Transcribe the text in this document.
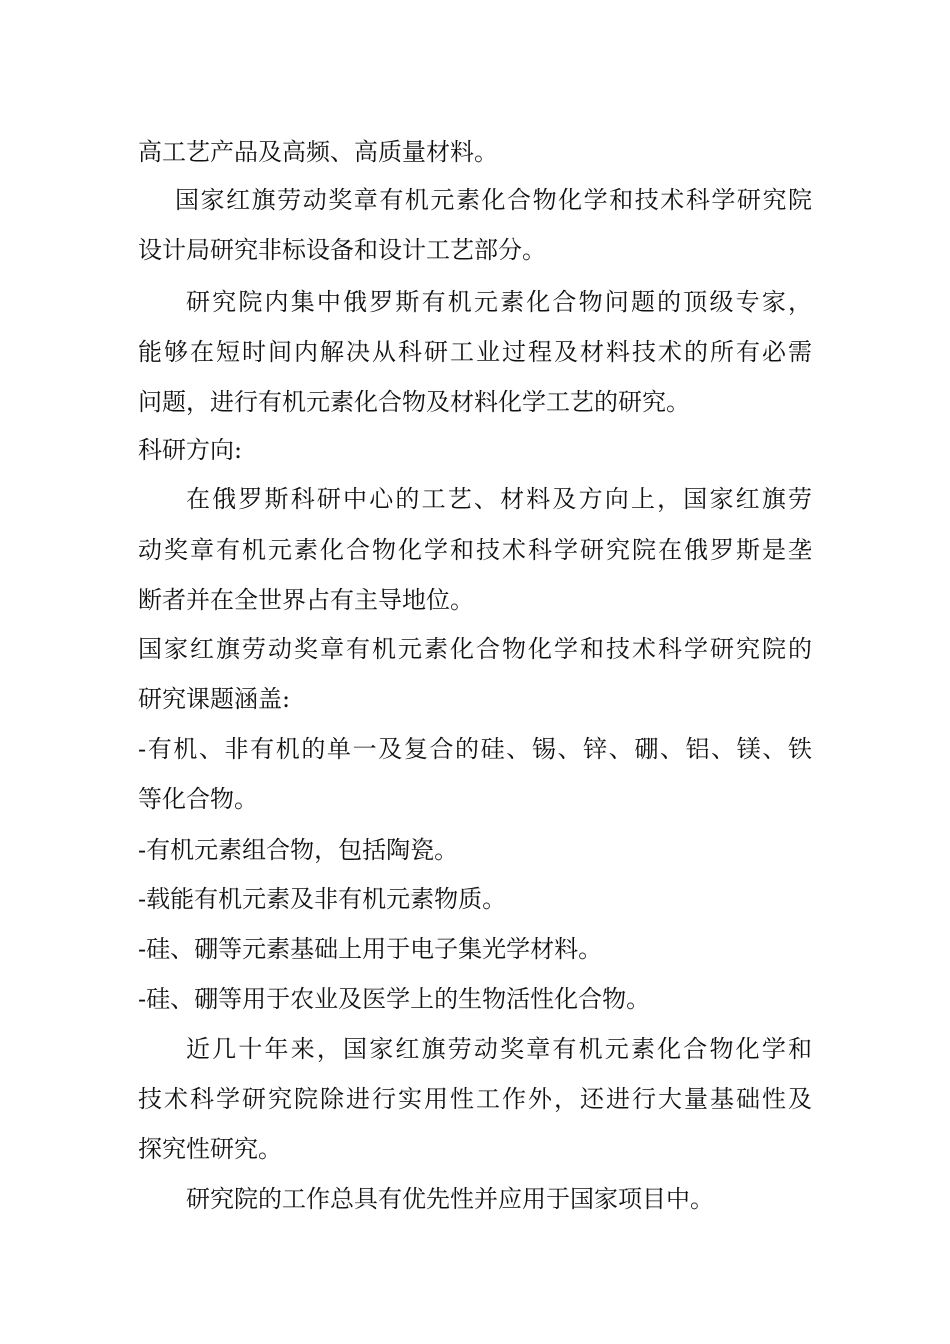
高工艺产品及高频、高质量材料。
国家红旗劳动奖章有机元素化合物化学和技术科学研究院
设计局研究非标设备和设计工艺部分。
研究院内集中俄罗斯有机元素化合物问题的顶级专家，
能够在短时间内解决从科研工业过程及材料技术的所有必需
问题，进行有机元素化合物及材料化学工艺的研究。
科研方向:
在俄罗斯科研中心的工艺、材料及方向上，国家红旗劳
动奖章有机元素化合物化学和技术科学研究院在俄罗斯是垄
断者并在全世界占有主导地位。
国家红旗劳动奖章有机元素化合物化学和技术科学研究院的
研究课题涵盖:
-有机、非有机的单一及复合的硅、锡、锌、硼、铝、镁、铁
等化合物。
-有机元素组合物，包括陶瓷。
-载能有机元素及非有机元素物质。
-硅、硼等元素基础上用于电子集光学材料。
-硅、硼等用于农业及医学上的生物活性化合物。
近几十年来，国家红旗劳动奖章有机元素化合物化学和
技术科学研究院除进行实用性工作外，还进行大量基础性及
探究性研究。
研究院的工作总具有优先性并应用于国家项目中。
